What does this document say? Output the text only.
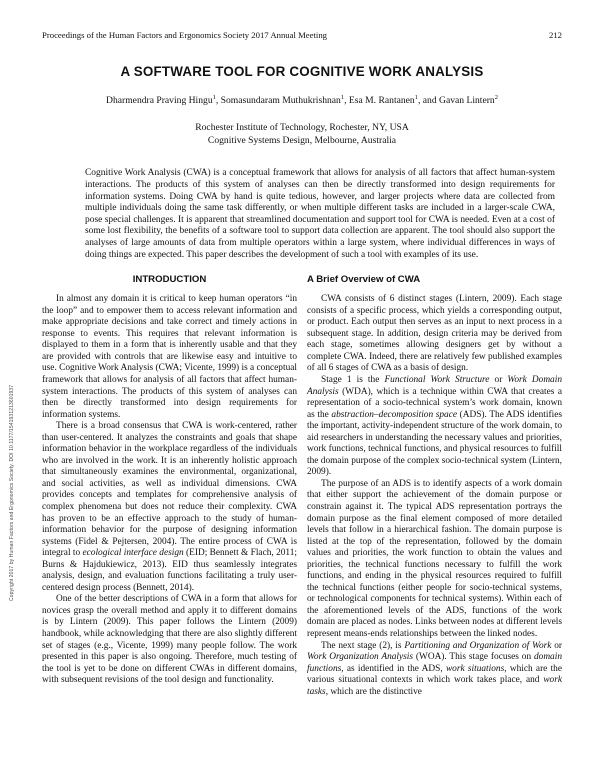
Proceedings of the Human Factors and Ergonomics Society 2017 Annual Meeting	212
A SOFTWARE TOOL FOR COGNITIVE WORK ANALYSIS
Dharmendra Praving Hingu$^1$, Somasundaram Muthukrishnan$^1$, Esa M. Rantanen$^1$, and Gavan Lintern$^2$
Rochester Institute of Technology, Rochester, NY, USA
Cognitive Systems Design, Melbourne, Australia
Cognitive Work Analysis (CWA) is a conceptual framework that allows for analysis of all factors that affect human-system interactions. The products of this system of analyses can then be directly transformed into design requirements for information systems. Doing CWA by hand is quite tedious, however, and larger projects where data are collected from multiple individuals doing the same task differently, or when multiple different tasks are included in a larger-scale CWA, pose special challenges. It is apparent that streamlined documentation and support tool for CWA is needed. Even at a cost of some lost flexibility, the benefits of a software tool to support data collection are apparent. The tool should also support the analyses of large amounts of data from multiple operators within a large system, where individual differences in ways of doing things are expected. This paper describes the development of such a tool with examples of its use.
INTRODUCTION

In almost any domain it is critical to keep human operators “in the loop” and to empower them to access relevant information and make appropriate decisions and take correct and timely actions in response to events. This requires that relevant information is displayed to them in a form that is inherently usable and that they are provided with controls that are likewise easy and intuitive to use. Cognitive Work Analysis (CWA; Vicente, 1999) is a conceptual framework that allows for analysis of all factors that affect human-system interactions. The products of this system of analyses can then be directly transformed into design requirements for information systems.

There is a broad consensus that CWA is work-centered, rather than user-centered. It analyzes the constraints and goals that shape information behavior in the workplace regardless of the individuals who are involved in the work. It is an inherently holistic approach that simultaneously examines the environmental, organizational, and social activities, as well as individual dimensions. CWA provides concepts and templates for comprehensive analysis of complex phenomena but does not reduce their complexity. CWA has proven to be an effective approach to the study of human-information behavior for the purpose of designing information systems (Fidel & Pejtersen, 2004). The entire process of CWA is integral to ecological interface design (EID; Bennett & Flach, 2011; Burns & Hajdukiewicz, 2013). EID thus seamlessly integrates analysis, design, and evaluation functions facilitating a truly user-centered design process (Bennett, 2014).

One of the better descriptions of CWA in a form that allows for novices grasp the overall method and apply it to different domains is by Lintern (2009). This paper follows the Lintern (2009) handbook, while acknowledging that there are also slightly different set of stages (e.g., Vicente, 1999) many people follow. The work presented in this paper is also ongoing. Therefore, much testing of the tool is yet to be done on different CWAs in different domains, with subsequent revisions of the tool design and functionality.

A Brief Overview of CWA

CWA consists of 6 distinct stages (Lintern, 2009). Each stage consists of a specific process, which yields a corresponding output, or product. Each output then serves as an input to next process in a subsequent stage. In addition, design criteria may be derived from each stage, sometimes allowing designers get by without a complete CWA. Indeed, there are relatively few published examples of all 6 stages of CWA as a basis of design.

Stage 1 is the Functional Work Structure or Work Domain Analysis (WDA), which is a technique within CWA that creates a representation of a socio-technical system’s work domain, known as the abstraction–decomposition space (ADS). The ADS identifies the important, activity-independent structure of the work domain, to aid researchers in understanding the necessary values and priorities, work functions, technical functions, and physical resources to fulfill the domain purpose of the complex socio-technical system (Lintern, 2009).

The purpose of an ADS is to identify aspects of a work domain that either support the achievement of the domain purpose or constrain against it. The typical ADS representation portrays the domain purpose as the final element composed of more detailed levels that follow in a hierarchical fashion. The domain purpose is listed at the top of the representation, followed by the domain values and priorities, the work function to obtain the values and priorities, the technical functions necessary to fulfill the work functions, and ending in the physical resources required to fulfill the technical functions (either people for socio-technical systems, or technological components for technical systems). Within each of the aforementioned levels of the ADS, functions of the work domain are placed as nodes. Links between nodes at different levels represent means-ends relationships between the linked nodes.

The next stage (2), is Partitioning and Organization of Work or Work Organization Analysis (WOA). This stage focuses on domain functions, as identified in the ADS, work situations, which are the various situational contexts in which work takes place, and work tasks, which are the distinctive

Copyright 2017 by Human Factors and Ergonomics Society. DOI 10.1177/1541931213601937
